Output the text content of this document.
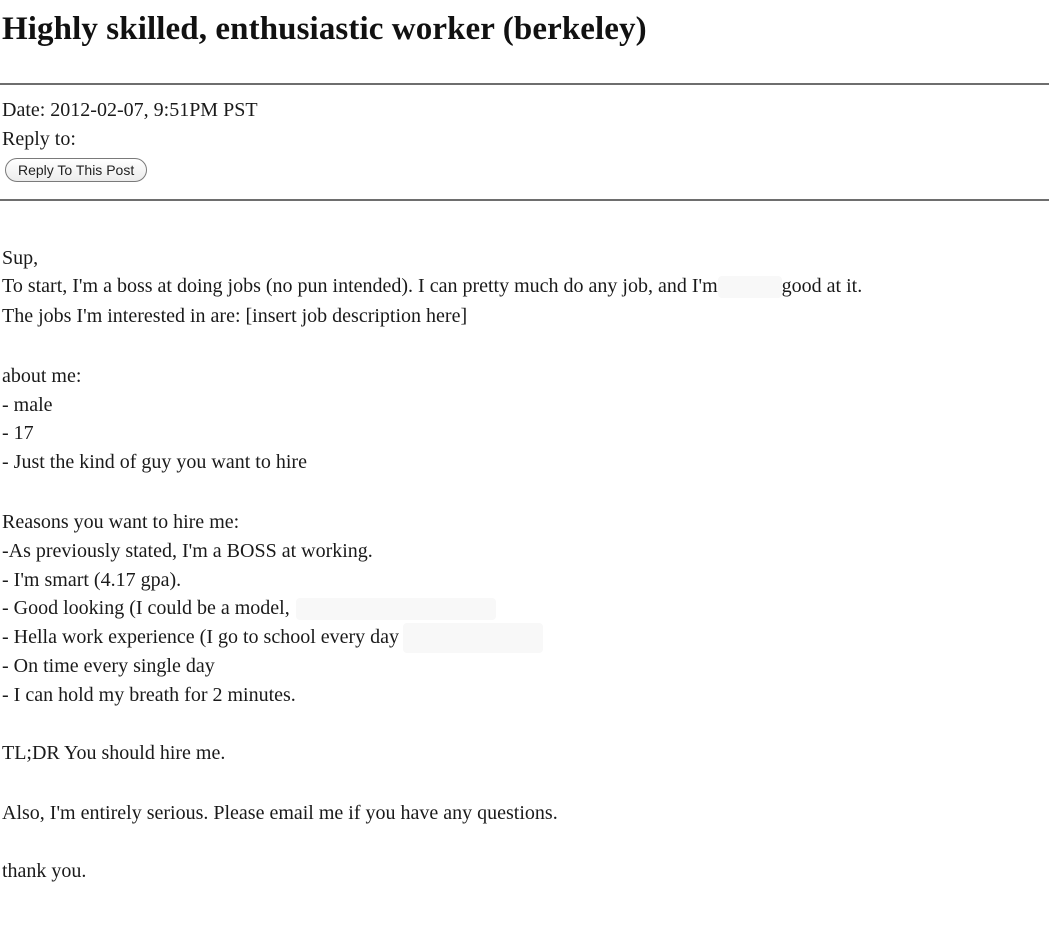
Highly skilled, enthusiastic worker (berkeley)
Date: 2012-02-07, 9:51PM PST
Reply to:
Reply To This Post
Sup,
To start, I'm a boss at doing jobs (no pun intended). I can pretty much do any job, and I'm	good at it.
The jobs I'm interested in are: [insert job description here]
about me:
- male
- 17
- Just the kind of guy you want to hire
Reasons you want to hire me:
-As previously stated, I'm a BOSS at working.
- I'm smart (4.17 gpa).
- Good looking (I could be a model,
- Hella work experience (I go to school every day
- On time every single day
- I can hold my breath for 2 minutes.
TL;DR You should hire me.
Also, I'm entirely serious. Please email me if you have any questions.
thank you.
